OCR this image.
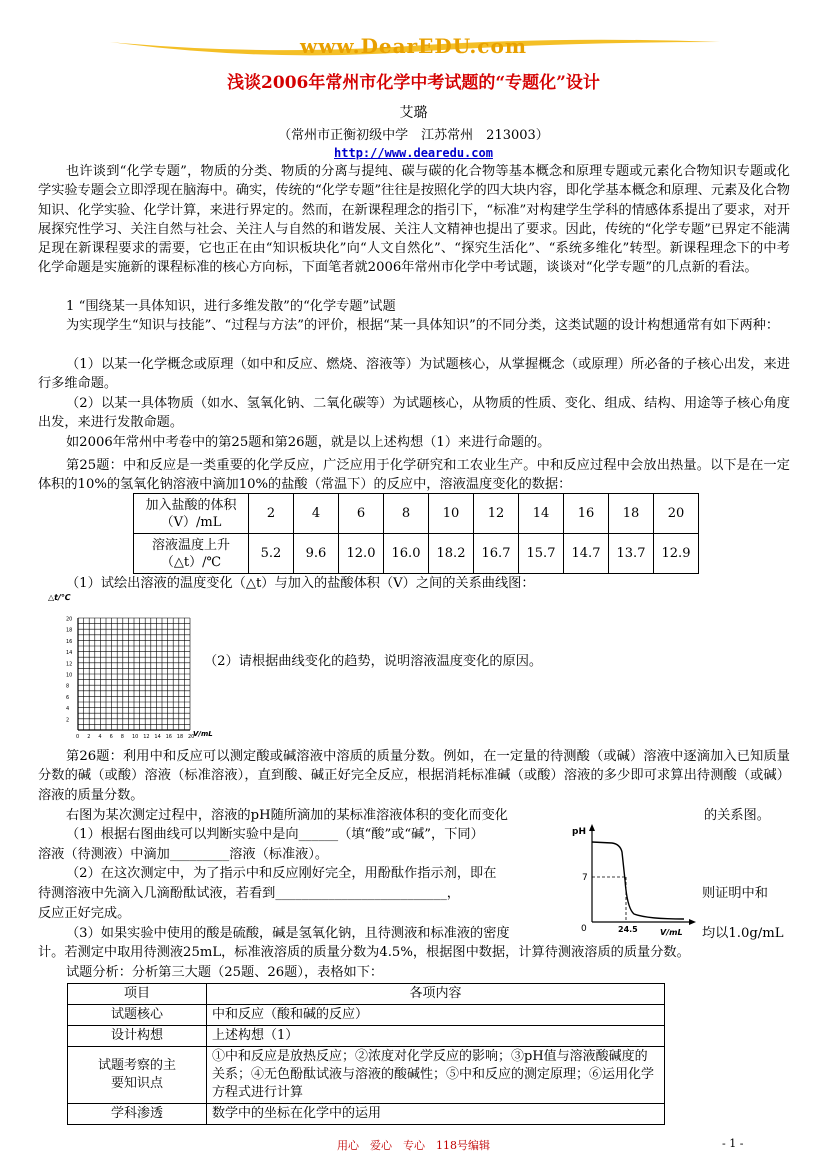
www.DearEDU.com
浅谈2006年常州市化学中考试题的“专题化”设计
艾璐
（常州市正衡初级中学　江苏常州　213003）
http://www.dearedu.com
也许谈到“化学专题”，物质的分类、物质的分离与提纯、碳与碳的化合物等基本概念和原理专题或元素化合物知识专题或化学实验专题会立即浮现在脑海中。确实，传统的“化学专题”往往是按照化学的四大块内容，即化学基本概念和原理、元素及化合物知识、化学实验、化学计算，来进行界定的。然而，在新课程理念的指引下，“标准”对构建学生学科的情感体系提出了要求，对开展探究性学习、关注自然与社会、关注人与自然的和谐发展、关注人文精神也提出了要求。因此，传统的“化学专题”已界定不能满足现在新课程要求的需要，它也正在由“知识板块化”向“人文自然化”、“探究生活化”、“系统多维化”转型。新课程理念下的中考化学命题是实施新的课程标准的核心方向标，下面笔者就2006年常州市化学中考试题，谈谈对“化学专题”的几点新的看法。
1 “围绕某一具体知识，进行多维发散”的“化学专题”试题
为实现学生“知识与技能”、“过程与方法”的评价，根据“某一具体知识”的不同分类，这类试题的设计构想通常有如下两种：
（1）以某一化学概念或原理（如中和反应、燃烧、溶液等）为试题核心，从掌握概念（或原理）所必备的子核心出发，来进行多维命题。
（2）以某一具体物质（如水、氢氧化钠、二氧化碳等）为试题核心，从物质的性质、变化、组成、结构、用途等子核心角度出发，来进行发散命题。
如2006年常州中考卷中的第25题和第26题，就是以上述构想（1）来进行命题的。
第25题：中和反应是一类重要的化学反应，广泛应用于化学研究和工农业生产。中和反应过程中会放出热量。以下是在一定体积的10%的氢氧化钠溶液中滴加10%的盐酸（常温下）的反应中，溶液温度变化的数据：
加入盐酸的体积（V）/mL	2	4	6	8	10	12	14	16	18	20
溶液温度上升（△t）/℃	5.2	9.6	12.0	16.0	18.2	16.7	15.7	14.7	13.7	12.9
（1）试绘出溶液的温度变化（△t）与加入的盐酸体积（V）之间的关系曲线图：
△t/℃
V/mL
20
18
16
14
12
10
8
6
4
2
0 2 4 6 8 10 12 14 16 18 20
（2）请根据曲线变化的趋势，说明溶液温度变化的原因。
第26题：利用中和反应可以测定酸或碱溶液中溶质的质量分数。例如，在一定量的待测酸（或碱）溶液中逐滴加入已知质量分数的碱（或酸）溶液（标准溶液），直到酸、碱正好完全反应，根据消耗标准碱（或酸）溶液的多少即可求算出待测酸（或碱）溶液的质量分数。
右图为某次测定过程中，溶液的pH随所滴加的某标准溶液体积的变化而变化	的关系图。
（1）根据右图曲线可以判断实验中是向______（填“酸”或“碱”，下同）
溶液（待测液）中滴加_________溶液（标准液）。
（2）在这次测定中，为了指示中和反应刚好完全，用酚酞作指示剂，即在
待测溶液中先滴入几滴酚酞试液，若看到__________________________，	则证明中和
反应正好完成。
（3）如果实验中使用的酸是硫酸，碱是氢氧化钠，且待测液和标准液的密度	均以1.0g/mL
计。若测定中取用待测液25mL，标准液溶质的质量分数为4.5%，根据图中数据，计算待测液溶质的质量分数。
pH
V/mL
7
0	24.5
试题分析：分析第三大题（25题、26题），表格如下：
项目	各项内容
试题核心	中和反应（酸和碱的反应）
设计构想	上述构想（1）
试题考察的主要知识点	①中和反应是放热反应；②浓度对化学反应的影响；③pH值与溶液酸碱度的关系；④无色酚酞试液与溶液的酸碱性；⑤中和反应的测定原理；⑥运用化学方程式进行计算
学科渗透	数学中的坐标在化学中的运用
用心　爱心　专心　118号编辑	- 1 -
